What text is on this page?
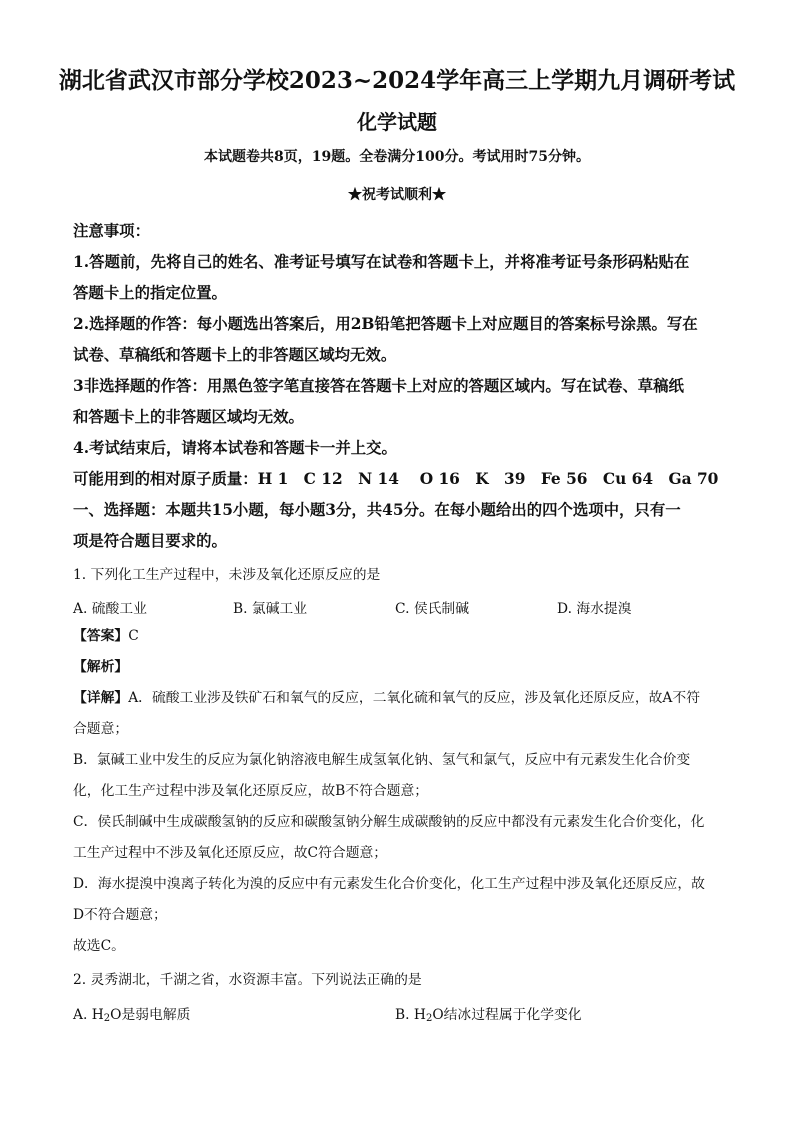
湖北省武汉市部分学校2023~2024学年高三上学期九月调研考试
化学试题
本试题卷共8页，19题。全卷满分100分。考试用时75分钟。
★祝考试顺利★
注意事项：
1.答题前，先将自己的姓名、准考证号填写在试卷和答题卡上，并将准考证号条形码粘贴在
答题卡上的指定位置。
2.选择题的作答：每小题选出答案后，用2B铅笔把答题卡上对应题目的答案标号涂黑。写在
试卷、草稿纸和答题卡上的非答题区域均无效。
3非选择题的作答：用黑色签字笔直接答在答题卡上对应的答题区域内。写在试卷、草稿纸
和答题卡上的非答题区域均无效。
4.考试结束后，请将本试卷和答题卡一并上交。
可能用到的相对原子质量：H 1　C 12　N 14　 O 16　K　39　Fe 56　Cu 64　Ga 70
一、选择题：本题共15小题，每小题3分，共45分。在每小题给出的四个选项中，只有一
项是符合题目要求的。
1. 下列化工生产过程中，未涉及氧化还原反应的是
A. 硫酸工业	B. 氯碱工业	C. 侯氏制碱	D. 海水提溴
【答案】C
【解析】
【详解】A．硫酸工业涉及铁矿石和氧气的反应，二氧化硫和氧气的反应，涉及氧化还原反应，故A不符
合题意；
B．氯碱工业中发生的反应为氯化钠溶液电解生成氢氧化钠、氢气和氯气，反应中有元素发生化合价变
化，化工生产过程中涉及氧化还原反应，故B不符合题意；
C．侯氏制碱中生成碳酸氢钠的反应和碳酸氢钠分解生成碳酸钠的反应中都没有元素发生化合价变化，化
工生产过程中不涉及氧化还原反应，故C符合题意；
D．海水提溴中溴离子转化为溴的反应中有元素发生化合价变化，化工生产过程中涉及氧化还原反应，故
D不符合题意；
故选C。
2. 灵秀湖北，千湖之省，水资源丰富。下列说法正确的是
A. $H_2O$是弱电解质	B. $H_2O$结冰过程属于化学变化
